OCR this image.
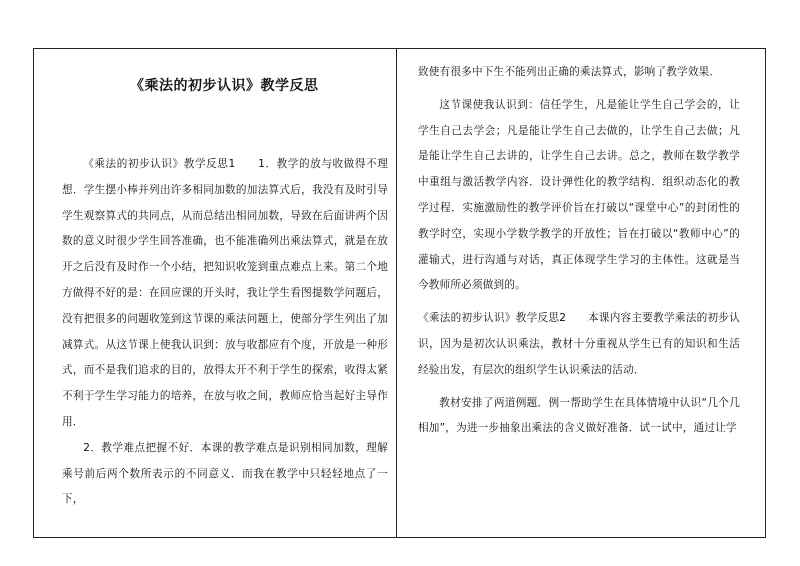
《乘法的初步认识》教学反思

《乘法的初步认识》教学反思1　　1．教学的放与收做得不理想．学生摆小棒并列出许多相同加数的加法算式后，我没有及时引导学生观察算式的共同点，从而总结出相同加数，导致在后面讲两个因数的意义时很少学生回答准确，也不能准确列出乘法算式，就是在放开之后没有及时作一个小结，把知识收笼到重点难点上来。第二个地方做得不好的是：在回应课的开头时，我让学生看图提数学问题后，没有把很多的问题收笼到这节课的乘法问题上，使部分学生列出了加减算式。从这节课上使我认识到：放与收都应有个度，开放是一种形式，而不是我们追求的目的，放得太开不利于学生的探索，收得太紧不利于学生学习能力的培养，在放与收之间，教师应恰当起好主导作用．

2．教学难点把握不好．本课的教学难点是识别相同加数，理解乘号前后两个数所表示的不同意义．而我在教学中只轻轻地点了一下，

致使有很多中下生不能列出正确的乘法算式，影响了教学效果．

这节课使我认识到：信任学生，凡是能让学生自己学会的，让学生自己去学会；凡是能让学生自己去做的，让学生自己去做；凡是能让学生自己去讲的，让学生自己去讲。总之，教师在数学教学中重组与激活教学内容．设计弹性化的教学结构．组织动态化的教学过程．实施激励性的教学评价旨在打破以“课堂中心”的封闭性的教学时空，实现小学数学教学的开放性；旨在打破以“教师中心”的灌输式，进行沟通与对话，真正体现学生学习的主体性。这就是当今教师所必须做到的。

《乘法的初步认识》教学反思2　　本课内容主要教学乘法的初步认识，因为是初次认识乘法，教材十分重视从学生已有的知识和生活经验出发，有层次的组织学生认识乘法的活动．

教材安排了两道例题．例一帮助学生在具体情境中认识“几个几相加”，为进一步抽象出乘法的含义做好准备．试一试中，通过让学
